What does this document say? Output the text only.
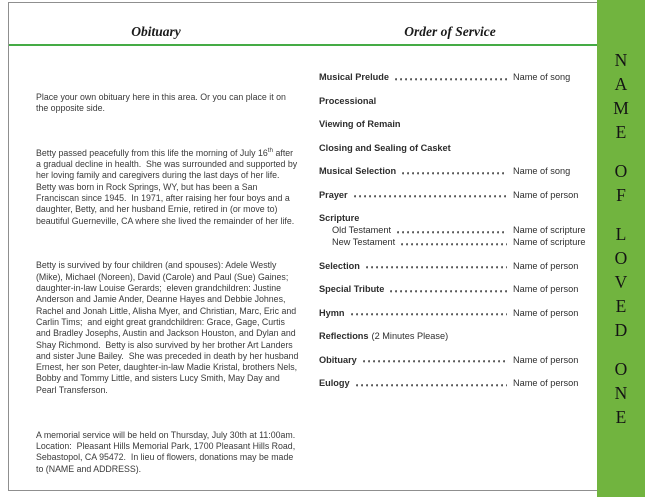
Obituary	Order of Service

Place your own obituary here in this area. Or you can place it on the opposite side.

Betty passed peacefully from this life the morning of July 16th after a gradual decline in health.  She was surrounded and supported by her loving family and caregivers during the last days of her life.  Betty was born in Rock Springs, WY, but has been a San Franciscan since 1945.  In 1971, after raising her four boys and a daughter, Betty, and her husband Ernie, retired in (or move to) beautiful Guerneville, CA where she lived the remainder of her life.

Betty is survived by four children (and spouses): Adele Westly (Mike), Michael (Noreen), David (Carole) and Paul (Sue) Gaines;  daughter-in-law Louise Gerards;  eleven grandchildren: Justine Anderson and Jamie Ander, Deanne Hayes and Debbie Johnes, Rachel and Jonah Little, Alisha Myer, and Christian, Marc, Eric and Carlin Tims;  and eight great grandchildren: Grace, Gage, Curtis and Bradley Josephs, Austin and Jackson Houston, and Dylan and Shay Richmond.  Betty is also survived by her brother Art Landers and sister June Bailey.  She was preceded in death by her husband Ernest, her son Peter, daughter-in-law Madie Kristal, brothers Nels, Bobby and Tommy Little, and sisters Lucy Smith, May Day and Pearl Transferson.

A memorial service will be held on Thursday, July 30th at 11:00am.  Location:  Pleasant Hills Memorial Park, 1700 Pleasant Hills Road, Sebastopol, CA 95472.  In lieu of flowers, donations may be made to (NAME and ADDRESS).

Musical Prelude	Name of song
Processional
Viewing of Remain
Closing and Sealing of Casket
Musical Selection	Name of song
Prayer	Name of person
Scripture
Old Testament	Name of scripture
New Testament	Name of scripture
Selection	Name of person
Special Tribute	Name of person
Hymn	Name of person
Reflections (2 Minutes Please)
Obituary	Name of person
Eulogy	Name of person
N
A
M
E
O
F
L
O
V
E
D
O
N
E
